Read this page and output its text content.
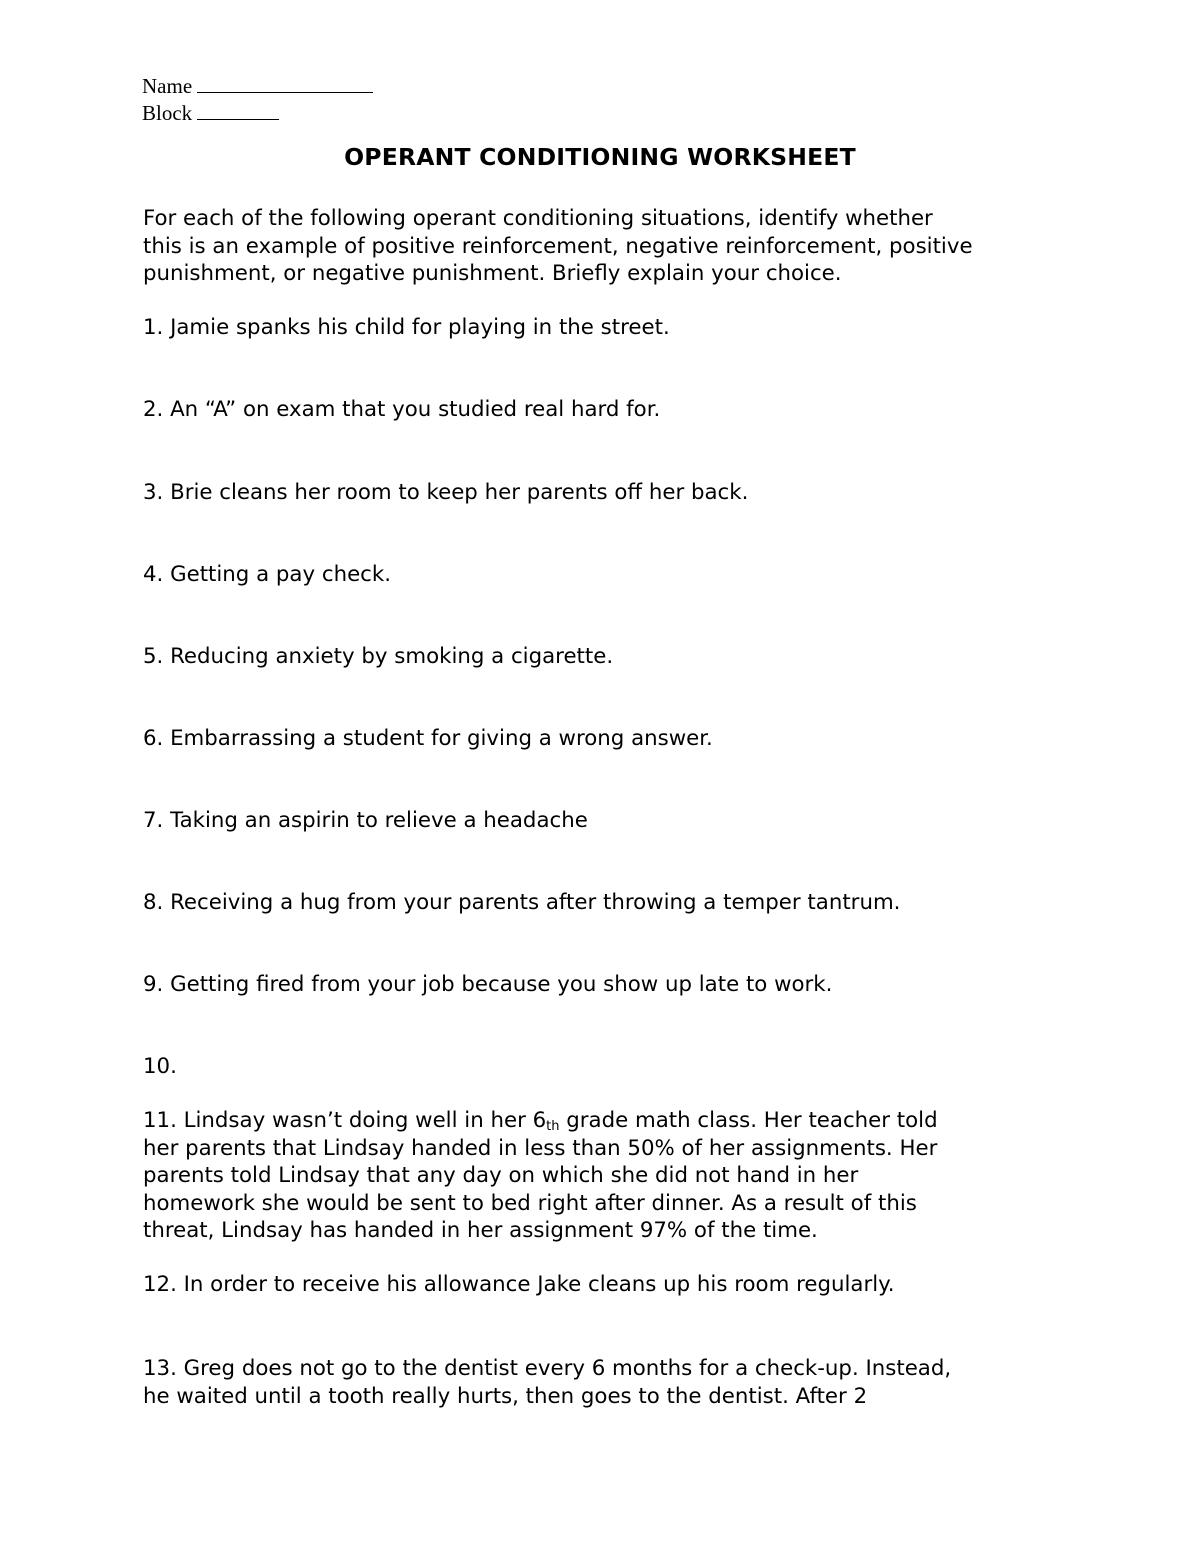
Name
Block
OPERANT CONDITIONING WORKSHEET
For each of the following operant conditioning situations, identify whether
this is an example of positive reinforcement, negative reinforcement, positive
punishment, or negative punishment. Briefly explain your choice.
1. Jamie spanks his child for playing in the street.
2. An “A” on exam that you studied real hard for.
3. Brie cleans her room to keep her parents off her back.
4. Getting a pay check.
5. Reducing anxiety by smoking a cigarette.
6. Embarrassing a student for giving a wrong answer.
7. Taking an aspirin to relieve a headache
8. Receiving a hug from your parents after throwing a temper tantrum.
9. Getting fired from your job because you show up late to work.
10.
11. Lindsay wasn’t doing well in her $6_{th}$ grade math class. Her teacher told
her parents that Lindsay handed in less than 50% of her assignments. Her
parents told Lindsay that any day on which she did not hand in her
homework she would be sent to bed right after dinner. As a result of this
threat, Lindsay has handed in her assignment 97% of the time.
12. In order to receive his allowance Jake cleans up his room regularly.
13. Greg does not go to the dentist every 6 months for a check-up. Instead,
he waited until a tooth really hurts, then goes to the dentist. After 2
